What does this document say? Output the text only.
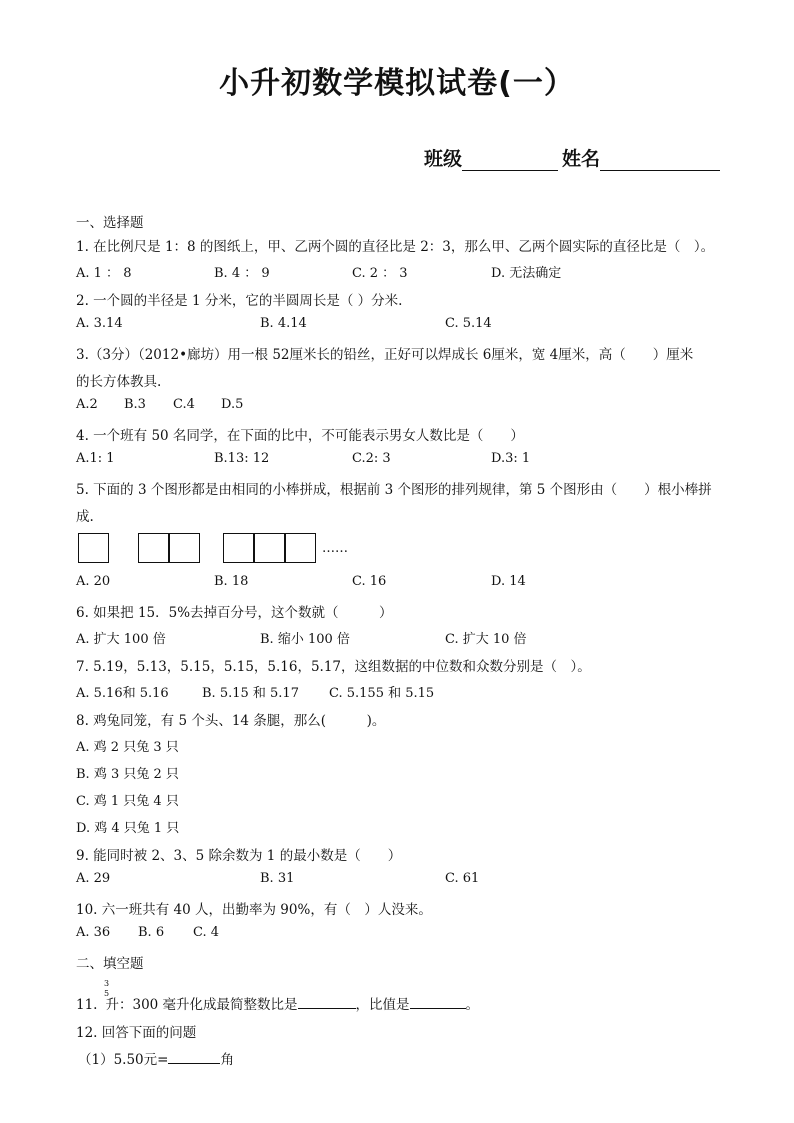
小升初数学模拟试卷(一）
班级	姓名
一、选择题
1. 在比例尺是 1：8 的图纸上，甲、乙两个圆的直径比是 2：3，那么甲、乙两个圆实际的直径比是（　）。
A. 1 ： 8	B. 4 ： 9	C. 2 ： 3	D. 无法确定
2. 一个圆的半径是 1 分米，它的半圆周长是（ ）分米.
A. 3.14	B. 4.14	C. 5.14
3.（3分）（2012•廊坊）用一根 52厘米长的铅丝，正好可以焊成长 6厘米，宽 4厘米，高（　　）厘米
的长方体教具.
A.2 B.3 C.4 D.5
4. 一个班有 50 名同学，在下面的比中，不可能表示男女人数比是（　　）
A.1: 1	B.13: 12	C.2: 3	D.3: 1
5. 下面的 3 个图形都是由相同的小棒拼成，根据前 3 个图形的排列规律，第 5 个图形由（　　）根小棒拼
成.
……
A. 20	B. 18	C. 16	D. 14
6. 如果把 15．5%去掉百分号，这个数就（　　　）
A. 扩大 100 倍	B. 缩小 100 倍	C. 扩大 10 倍
7. 5.19，5.13，5.15，5.15，5.16，5.17，这组数据的中位数和众数分别是（　）。
A. 5.16和 5.16	B. 5.15 和 5.17 C. 5.155 和 5.15
8. 鸡兔同笼，有 5 个头、14 条腿，那么(　　　)。
A. 鸡 2 只兔 3 只
B. 鸡 3 只兔 2 只
C. 鸡 1 只兔 4 只
D. 鸡 4 只兔 1 只
9. 能同时被 2、3、5 除余数为 1 的最小数是（　　）
A. 29	B. 31	C. 61
10. 六一班共有 40 人，出勤率为 90%，有（　）人没来。
A. 36 B. 6 C. 4
二、填空题
3
5
11. 升：300 毫升化成最简整数比是	，比值是	。
12. 回答下面的问题
（1）5.50元=	角
